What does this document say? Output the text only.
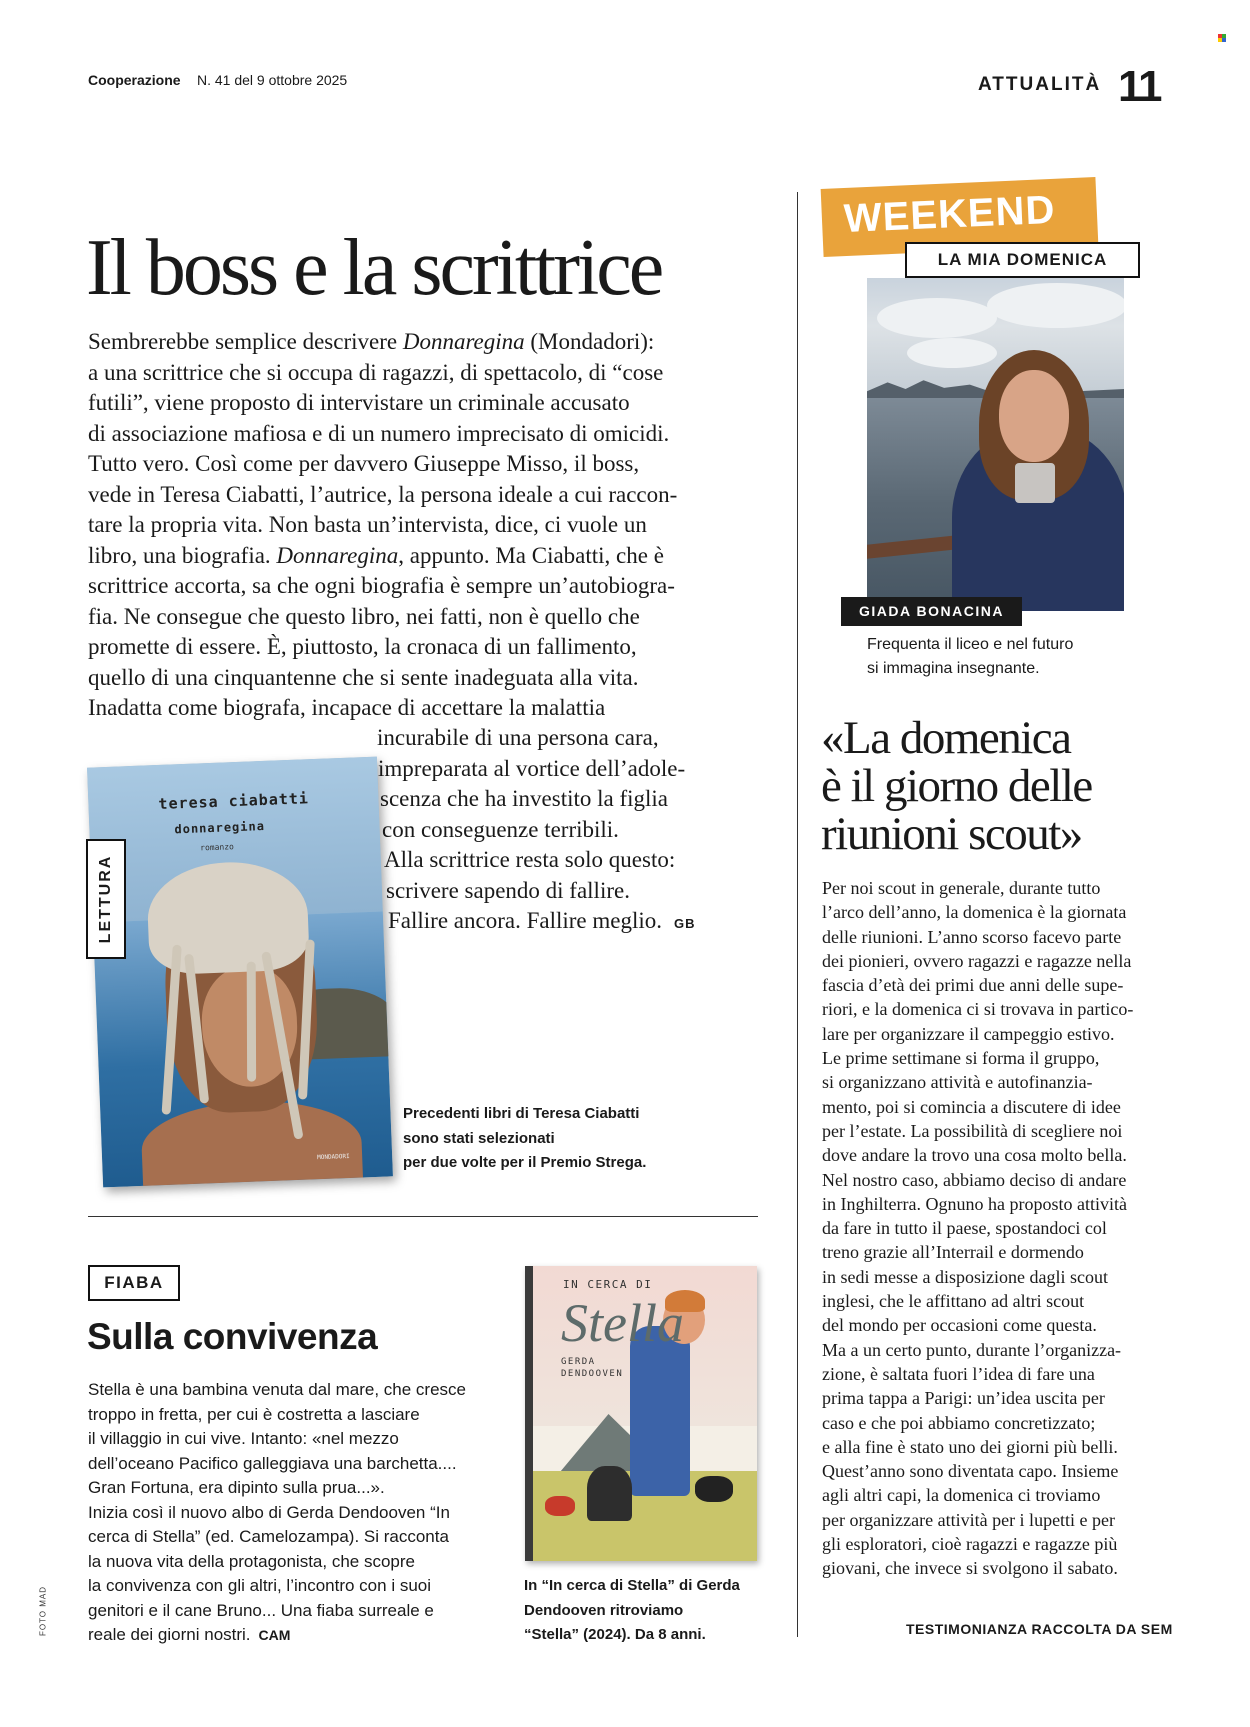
Cooperazione N. 41 del 9 ottobre 2025	ATTUALITÀ 11
Il boss e la scrittrice
Sembrerebbe semplice descrivere Donnaregina (Mondadori):
a una scrittrice che si occupa di ragazzi, di spettacolo, di “cose
futili”, viene proposto di intervistare un criminale accusato
di associazione mafiosa e di un numero imprecisato di omicidi.
Tutto vero. Così come per davvero Giuseppe Misso, il boss,
vede in Teresa Ciabatti, l’autrice, la persona ideale a cui raccon-
tare la propria vita. Non basta un’intervista, dice, ci vuole un
libro, una biografia. Donnaregina, appunto. Ma Ciabatti, che è
scrittrice accorta, sa che ogni biografia è sempre un’autobiogra-
fia. Ne consegue che questo libro, nei fatti, non è quello che
promette di essere. È, piuttosto, la cronaca di un fallimento,
quello di una cinquantenne che si sente inadeguata alla vita.
Inadatta come biografa, incapace di accettare la malattia
incurabile di una persona cara,
impreparata al vortice dell’adole-
scenza che ha investito la figlia
con conseguenze terribili.
Alla scrittrice resta solo questo:
scrivere sapendo di fallire.
Fallire ancora. Fallire meglio. GB
teresa ciabatti
donnaregina
romanzo
MONDADORI
LETTURA
Precedenti libri di Teresa Ciabatti
sono stati selezionati
per due volte per il Premio Strega.
FIABA
Sulla convivenza
Stella è una bambina venuta dal mare, che cresce
troppo in fretta, per cui è costretta a lasciare
il villaggio in cui vive. Intanto: «nel mezzo
dell’oceano Pacifico galleggiava una barchetta....
Gran Fortuna, era dipinto sulla prua...».
Inizia così il nuovo albo di Gerda Dendooven “In
cerca di Stella” (ed. Camelozampa). Si racconta
la nuova vita della protagonista, che scopre
la convivenza con gli altri, l’incontro con i suoi
genitori e il cane Bruno... Una fiaba surreale e
reale dei giorni nostri. CAM
IN CERCA DI
Stella
GERDA
DENDOOVEN
In “In cerca di Stella” di Gerda
Dendooven ritroviamo
“Stella” (2024). Da 8 anni.
FOTO MAD
WEEKEND
LA MIA DOMENICA
GIADA BONACINA
Frequenta il liceo e nel futuro
si immagina insegnante.
«La domenica
è il giorno delle
riunioni scout»
Per noi scout in generale, durante tutto
l’arco dell’anno, la domenica è la giornata
delle riunioni. L’anno scorso facevo parte
dei pionieri, ovvero ragazzi e ragazze nella
fascia d’età dei primi due anni delle supe-
riori, e la domenica ci si trovava in partico-
lare per organizzare il campeggio estivo.
Le prime settimane si forma il gruppo,
si organizzano attività e autofinanzia-
mento, poi si comincia a discutere di idee
per l’estate. La possibilità di scegliere noi
dove andare la trovo una cosa molto bella.
Nel nostro caso, abbiamo deciso di andare
in Inghilterra. Ognuno ha proposto attività
da fare in tutto il paese, spostandoci col
treno grazie all’Interrail e dormendo
in sedi messe a disposizione dagli scout
inglesi, che le affittano ad altri scout
del mondo per occasioni come questa.
Ma a un certo punto, durante l’organizza-
zione, è saltata fuori l’idea di fare una
prima tappa a Parigi: un’idea uscita per
caso e che poi abbiamo concretizzato;
e alla fine è stato uno dei giorni più belli.
Quest’anno sono diventata capo. Insieme
agli altri capi, la domenica ci troviamo
per organizzare attività per i lupetti e per
gli esploratori, cioè ragazzi e ragazze più
giovani, che invece si svolgono il sabato.
TESTIMONIANZA RACCOLTA DA SEM
